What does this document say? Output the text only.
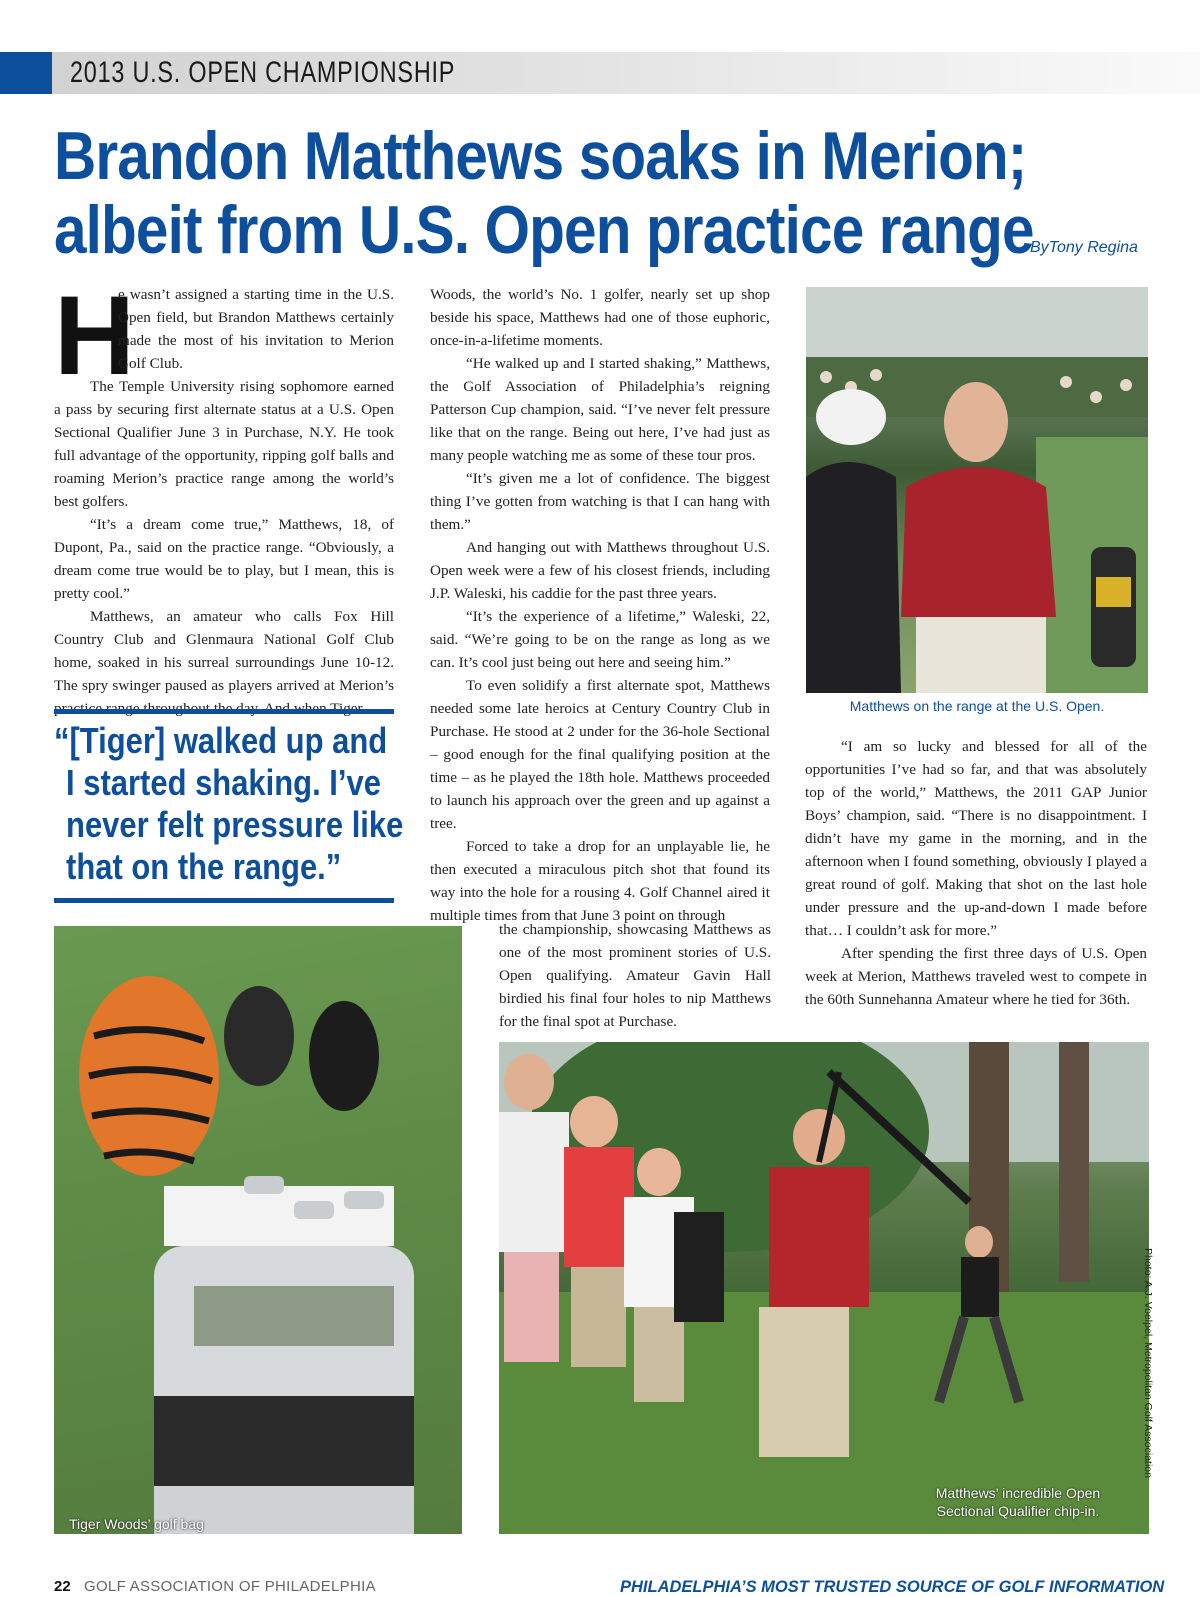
2013 U.S. OPEN CHAMPIONSHIP
Brandon Matthews soaks in Merion;
albeit from U.S. Open practice range
ByTony Regina
H

e wasn’t assigned a starting time in the U.S. Open field, but Brandon Matthews certainly made the most of his invitation to Merion Golf Club.

The Temple University rising sophomore earned a pass by securing first alternate status at a U.S. Open Sectional Qualifier June 3 in Purchase, N.Y. He took full advantage of the opportunity, ripping golf balls and roaming Merion’s practice range among the world’s best golfers.

“It’s a dream come true,” Matthews, 18, of Dupont, Pa., said on the practice range. “Obviously, a dream come true would be to play, but I mean, this is pretty cool.”

Matthews, an amateur who calls Fox Hill Country Club and Glenmaura National Golf Club home, soaked in his surreal surroundings June 10-12. The spry swinger paused as players arrived at Merion’s

“[Tiger] walked up and
I started shaking. I’ve
never felt pressure like
that on the range.”

Woods, the world’s No. 1 golfer, nearly set up shop beside his space, Matthews had one of those euphoric, once-in-a-lifetime moments.

“He walked up and I started shaking,” Matthews, the Golf Association of Philadelphia’s reigning Patterson Cup champion, said. “I’ve never felt pressure like that on the range. Being out here, I’ve had just as many people watching me as some of these tour pros.

“It’s given me a lot of confidence. The biggest thing I’ve gotten from watching is that I can hang with them.”

And hanging out with Matthews throughout U.S. Open week were a few of his closest friends, including J.P. Waleski, his caddie for the past three years.

“It’s the experience of a lifetime,” Waleski, 22, said. “We’re going to be on the range as long as we can. It’s cool just being out here and seeing him.”

To even solidify a first alternate spot, Matthews needed some late heroics at Century Country Club in Purchase. He stood at 2 under for the 36-hole Sectional – good enough for the final qualifying position at the time – as he played the 18th hole. Matthews proceeded to launch his approach over the green and up against a tree.

Forced to take a drop for an unplayable lie, he then executed a miraculous pitch shot that found its way into the hole for a rousing 4. Golf Channel aired it multiple times from that June 3 point on through

the championship, showcasing Matthews as one of the most prominent stories of U.S. Open qualifying. Amateur Gavin Hall birdied his final four holes to nip Matthews for the final spot at Purchase.

Matthews on the range at the U.S. Open.

“I am so lucky and blessed for all of the opportunities I’ve had so far, and that was absolutely top of the world,” Matthews, the 2011 GAP Junior Boys’ champion, said. “There is no disappointment. I didn’t have my game in the morning, and in the afternoon when I found something, obviously I played a great round of golf. Making that shot on the last hole under pressure and the up-and-down I made before that… I couldn’t ask for more.”

After spending the first three days of U.S. Open week at Merion, Matthews traveled west to compete in the 60th Sunnehanna Amateur where he tied for 36th.

Tiger Woods’ golf bag
Matthews’ incredible Open
Sectional Qualifier chip-in.
Photo: A.J. Voelpel, Metropolitan Golf Association
22 GOLF ASSOCIATION OF PHILADELPHIA	PHILADELPHIA’S MOST TRUSTED SOURCE OF GOLF INFORMATION
